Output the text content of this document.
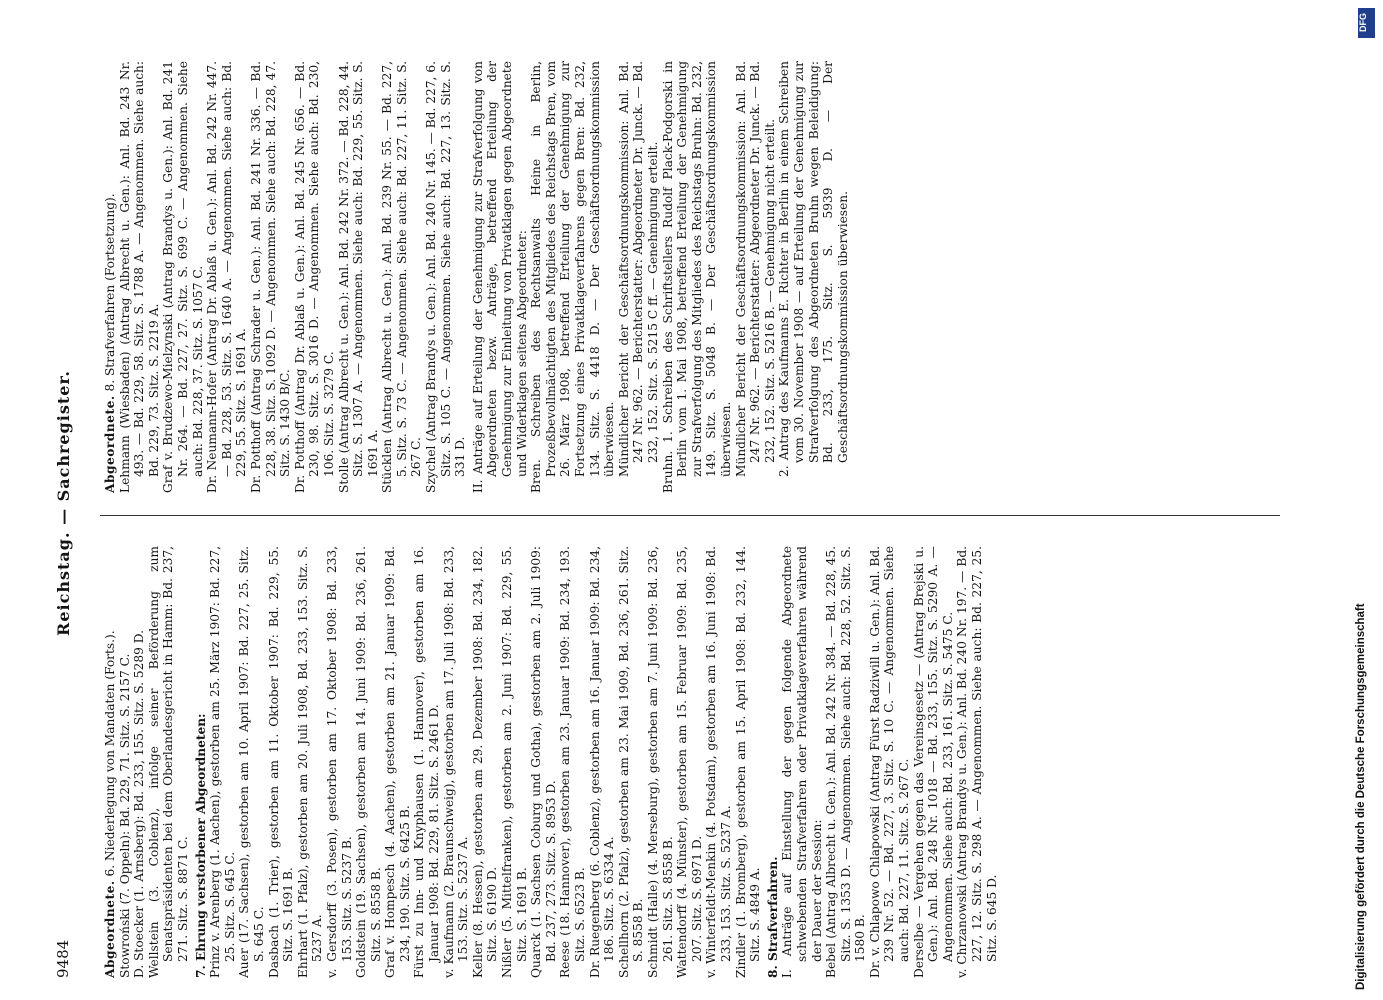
9484
Reichstag. — Sachregister.

Abgeordnete. 6. Niederlegung von Mandaten (Forts.). Stowroński (7. Oppeln): Bd. 229, 71. Sitz. S. 2157 C. D. Stoecker (1. Arnsberg): Bd. 233, 155. Sitz. S. 5289 D. Wellstein (3. Coblenz), infolge seiner Beförderung zum Senatspräsidenten bei dem Oberlandesgericht in Hamm: Bd. 237, 271. Sitz. S. 8871 C. 7. Ehrung verstorbener Abgeordneten: Prinz v. Arenberg (1. Aachen), gestorben am 25. März 1907: Bd. 227, 25. Sitz. S. 645 C. Auer (17. Sachsen), gestorben am 10. April 1907: Bd. 227, 25. Sitz. S. 645 C. Dasbach (1. Trier), gestorben am 11. Oktober 1907: Bd. 229, 55. Sitz. S. 1691 B. Ehrhart (1. Pfalz), gestorben am 20. Juli 1908, Bd. 233, 153. Sitz. S. 5237 A. v. Gersdorff (3. Posen), gestorben am 17. Oktober 1908: Bd. 233, 153. Sitz. S. 5237 B. Goldstein (19. Sachsen), gestorben am 14. Juni 1909: Bd. 236, 261. Sitz. S. 8558 B. Graf v. Hompesch (4. Aachen), gestorben am 21. Januar 1909: Bd. 234, 190. Sitz. S. 6425 B. Fürst zu Inn- und Knyphausen (1. Hannover), gestorben am 16. Januar 1908: Bd. 229, 81. Sitz. S. 2461 D. v. Kaufmann (2. Braunschweig), gestorben am 17. Juli 1908: Bd. 233, 153. Sitz. S. 5237 A. Keller (8. Hessen), gestorben am 29. Dezember 1908: Bd. 234, 182. Sitz. S. 6190 D. Nißler (5. Mittelfranken), gestorben am 2. Juni 1907: Bd. 229, 55. Sitz. S. 1691 B. Quarck (1. Sachsen Coburg und Gotha), gestorben am 2. Juli 1909: Bd. 237, 273. Sitz. S. 8953 D. Reese (18. Hannover), gestorben am 23. Januar 1909: Bd. 234, 193. Sitz. S. 6523 B. Dr. Ruegenberg (6. Coblenz), gestorben am 16. Januar 1909: Bd. 234, 186. Sitz. S. 6334 A. Schellhorn (2. Pfalz), gestorben am 23. Mai 1909, Bd. 236, 261. Sitz. S. 8558 B. Schmidt (Halle) (4. Merseburg), gestorben am 7. Juni 1909: Bd. 236, 261. Sitz. S. 8558 B. Wattendorff (4. Münster), gestorben am 15. Februar 1909: Bd. 235, 207. Sitz. S. 6971 D. v. Winterfeldt-Menkin (4. Potsdam), gestorben am 16. Juni 1908: Bd. 233, 153. Sitz. S. 5237 A. Zindler (1. Bromberg), gestorben am 15. April 1908: Bd. 232, 144. Sitz. S. 4849 A. 8. Strafverfahren. I. Anträge auf Einstellung der gegen folgende Abgeordnete schwebenden Strafverfahren oder Privatklageverfahren während der Dauer der Session: Bebel (Antrag Albrecht u. Gen.): Anl. Bd. 242 Nr. 384. — Bd. 228, 45. Sitz. S. 1353 D. — Angenommen. Siehe auch: Bd. 228, 52. Sitz. S. 1580 B. Dr. v. Chlapowo Chlapowski (Antrag Fürst Radziwill u. Gen.): Anl. Bd. 239 Nr. 52. — Bd. 227, 3. Sitz. S. 10 C. — Angenommen. Siehe auch: Bd. 227, 11. Sitz. S. 267 C. Derselbe — Vergehen gegen das Vereinsgesetz — (Antrag Brejski u. Gen.): Anl. Bd. 248 Nr. 1018 — Bd. 233, 155. Sitz. S. 5290 A. — Angenommen. Siehe auch: Bd. 233, 161. Sitz. S. 5475 C. v. Chrzanowski (Antrag Brandys u. Gen.): Anl. Bd. 240 Nr. 197. — Bd. 227, 12. Sitz. S. 298 A. — Angenommen. Siehe auch: Bd. 227, 25. Sitz. S. 645 D.

Abgeordnete. 8. Strafverfahren (Fortsetzung). Lehmann (Wiesbaden) (Antrag Albrecht u. Gen.): Anl. Bd. 243 Nr. 493. — Bd. 229, 58. Sitz. S. 1788 A. — Angenommen. Siehe auch: Bd. 229, 73. Sitz. S. 2219 A. Graf v. Brudzewo-Mielzynski (Antrag Brandys u. Gen.): Anl. Bd. 241 Nr. 264. — Bd. 227, 27. Sitz. S. 699 C. — Angenommen. Siehe auch: Bd. 228, 37. Sitz. S. 1057 C. Dr. Neumann-Hofer (Antrag Dr. Ablaß u. Gen.): Anl. Bd. 242 Nr. 447. — Bd. 228, 53. Sitz. S. 1640 A. — Angenommen. Siehe auch: Bd. 229, 55. Sitz. S. 1691 A. Dr. Potthoff (Antrag Schrader u. Gen.): Anl. Bd. 241 Nr. 336. — Bd. 228, 38. Sitz. S. 1092 D. — Angenommen. Siehe auch: Bd. 228, 47. Sitz. S. 1430 B/C. Dr. Potthoff (Antrag Dr. Ablaß u. Gen.): Anl. Bd. 245 Nr. 656. — Bd. 230, 98. Sitz. S. 3016 D. — Angenommen. Siehe auch: Bd. 230, 106. Sitz. S. 3279 C. Stolle (Antrag Albrecht u. Gen.): Anl. Bd. 242 Nr. 372. — Bd. 228, 44. Sitz. S. 1307 A. — Angenommen. Siehe auch: Bd. 229, 55. Sitz. S. 1691 A. Stücklen (Antrag Albrecht u. Gen.): Anl. Bd. 239 Nr. 55. — Bd. 227, 5. Sitz. S. 73 C. — Angenommen. Siehe auch: Bd. 227, 11. Sitz. S. 267 C. Szychel (Antrag Brandys u. Gen.): Anl. Bd. 240 Nr. 145. — Bd. 227, 6. Sitz. S. 105 C. — Angenommen. Siehe auch: Bd. 227, 13. Sitz. S. 331 D. II. Anträge auf Erteilung der Genehmigung zur Strafverfolgung von Abgeordneten bezw. Anträge, betreffend Erteilung der Genehmigung zur Einleitung von Privatklagen gegen Abgeordnete und Widerklagen seitens Abgeordneter: Bren. Schreiben des Rechtsanwalts Heine in Berlin, Prozeßbevollmächtigten des Mitgliedes des Reichstags Bren, vom 26. März 1908, betreffend Erteilung der Genehmigung zur Fortsetzung eines Privatklageverfahrens gegen Bren: Bd. 232, 134. Sitz. S. 4418 D. — Der Geschäftsordnungskommission überwiesen. Mündlicher Bericht der Geschäftsordnungskommission: Anl. Bd. 247 Nr. 962. — Berichterstatter: Abgeordneter Dr. Junck. — Bd. 232, 152. Sitz. S. 5215 C ff. — Genehmigung erteilt. Bruhn. 1. Schreiben des Schriftstellers Rudolf Plack-Podgorski in Berlin vom 1. Mai 1908, betreffend Erteilung der Genehmigung zur Strafverfolgung des Mitgliedes des Reichstags Bruhn: Bd. 232, 149. Sitz. S. 5048 B. — Der Geschäftsordnungskommission überwiesen. Mündlicher Bericht der Geschäftsordnungskommission: Anl. Bd. 247 Nr. 962. — Berichterstatter: Abgeordneter Dr. Junck. — Bd. 232, 152. Sitz. S. 5216 B. — Genehmigung nicht erteilt. 2. Antrag des Kaufmanns E. Richter in Berlin in einem Schreiben vom 30. November 1908 — auf Erteilung der Genehmigung zur Strafverfolgung des Abgeordneten Bruhn wegen Beleidigung: Bd. 233, 175. Sitz. S. 5939 D. — Der Geschäftsordnungskommission überwiesen.

Digitalisierung gefördert durch die Deutsche Forschungsgemeinschaft
DFG
